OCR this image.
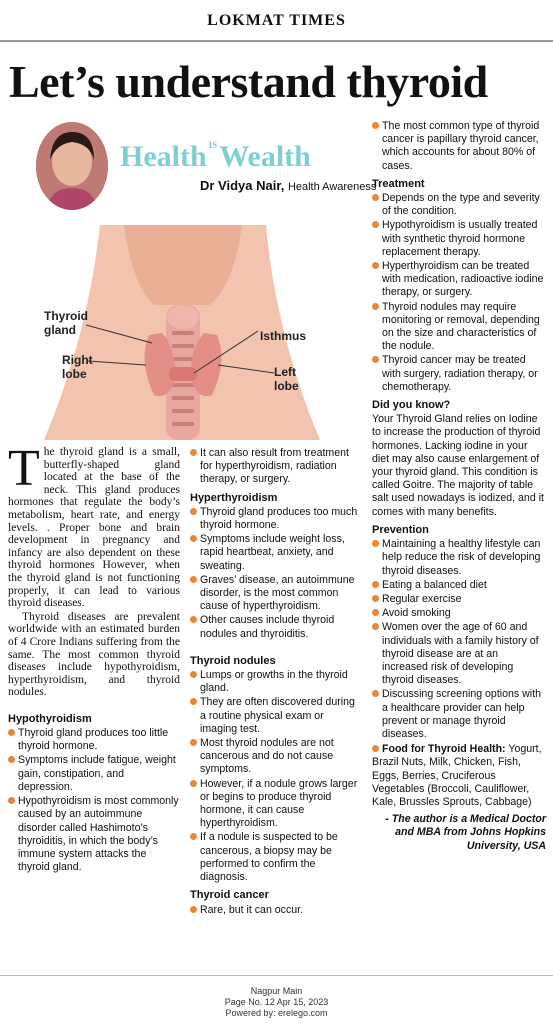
LOKMAT TIMES
Let’s understand thyroid
Health $^{IS}$Wealth
Dr Vidya Nair, Health Awareness
Thyroid
gland
Right
lobe
Isthmus
Left
lobe
The thyroid gland is a small, butterfly-shaped gland located at the base of the neck. This gland produces hormones that regulate the body’s metabolism, heart rate, and energy levels. . Proper bone and brain development in pregnancy and infancy are also dependent on these thyroid hormones However, when the thyroid gland is not functioning properly, it can lead to various thyroid diseases.
Thyroid diseases are prevalent worldwide with an estimated burden of 4 Crore Indians suffering from the same. The most common thyroid diseases include hypothyroidism, hyperthyroidism, and thyroid nodules.
Hypothyroidism

Thyroid gland produces too little thyroid hormone.

Symptoms include fatigue, weight gain, constipation, and depression.

Hypothyroidism is most commonly caused by an autoimmune disorder called Hashimoto’s thyroiditis, in which the body’s immune system attacks the thyroid gland.

It can also result from treatment for hyperthyroidism, radiation therapy, or surgery.

Hyperthyroidism

Thyroid gland produces too much thyroid hormone.

Symptoms include weight loss, rapid heartbeat, anxiety, and sweating.

Graves’ disease, an autoimmune disorder, is the most common cause of hyperthyroidism.

Other causes include thyroid nodules and thyroiditis.

Thyroid nodules

Lumps or growths in the thyroid gland.

They are often discovered during a routine physical exam or imaging test.

Most thyroid nodules are not cancerous and do not cause symptoms.

However, if a nodule grows larger or begins to produce thyroid hormone, it can cause hyperthyroidism.

If a nodule is suspected to be cancerous, a biopsy may be performed to confirm the diagnosis.

Thyroid cancer

Rare, but it can occur.

The most common type of thyroid cancer is papillary thyroid cancer, which accounts for about 80% of cases.

Treatment

Depends on the type and severity of the condition.

Hypothyroidism is usually treated with synthetic thyroid hormone replacement therapy.

Hyperthyroidism can be treated with medication, radioactive iodine therapy, or surgery.

Thyroid nodules may require monitoring or removal, depending on the size and characteristics of the nodule.

Thyroid cancer may be treated with surgery, radiation therapy, or chemotherapy.

Did you know?

Your Thyroid Gland relies on Iodine to increase the production of thyroid hormones. Lacking iodine in your diet may also cause enlargement of your thyroid gland. This condition is called Goitre. The majority of table salt used nowadays is iodized, and it comes with many benefits.

Prevention

Maintaining a healthy lifestyle can help reduce the risk of developing thyroid diseases.

Eating a balanced diet

Regular exercise

Avoid smoking

Women over the age of 60 and individuals with a family history of thyroid disease are at an increased risk of developing thyroid diseases.

Discussing screening options with a healthcare provider can help prevent or manage thyroid diseases.

Food for Thyroid Health: Yogurt, Brazil Nuts, Milk, Chicken, Fish, Eggs, Berries, Cruciferous Vegetables (Broccoli, Cauliflower, Kale, Brussles Sprouts, Cabbage)

- The author is a Medical Doctor and MBA from Johns Hopkins University, USA

Nagpur Main
Page No. 12 Apr 15, 2023
Powered by: erelego.com
